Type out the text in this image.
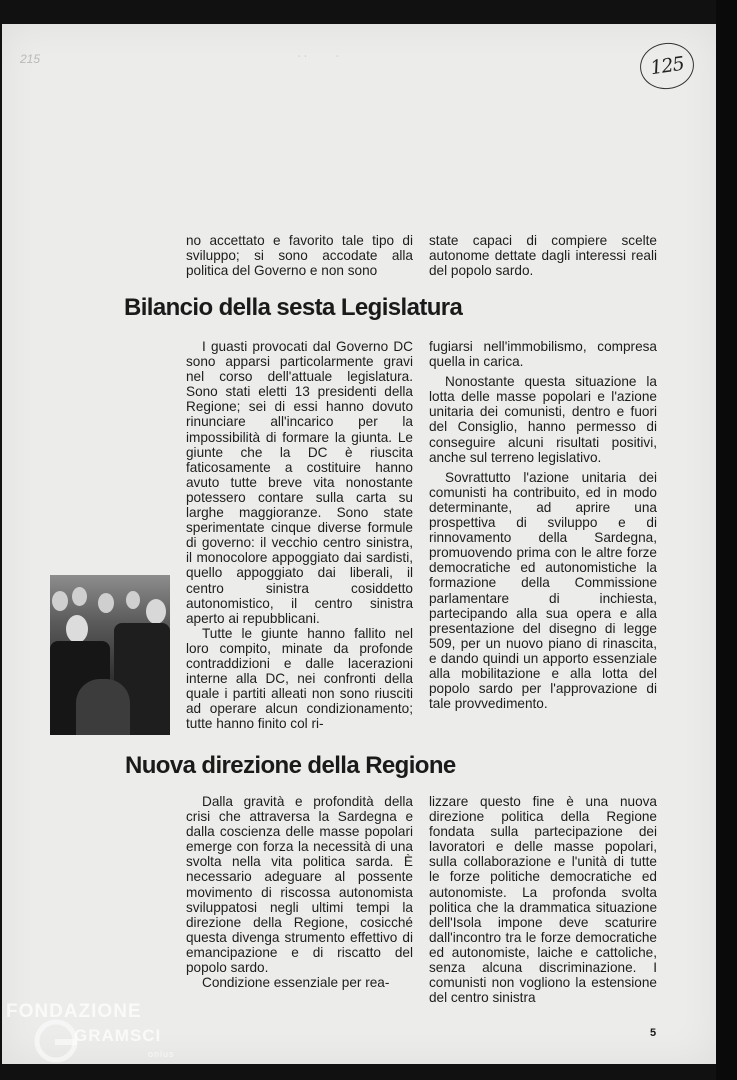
215	˙ ˙	˙	125

no accettato e favorito tale tipo di sviluppo; si sono accodate alla politica del Governo e non sono

state capaci di compiere scelte autonome dettate dagli interessi reali del popolo sardo.

Bilancio della sesta Legislatura

I guasti provocati dal Governo DC sono apparsi particolarmente gravi nel corso dell'attuale legislatura. Sono stati eletti 13 presidenti della Regione; sei di essi hanno dovuto rinunciare all'incarico per la impossibilità di formare la giunta. Le giunte che la DC è riuscita faticosamente a costituire hanno avuto tutte breve vita nonostante potessero contare sulla carta su larghe maggioranze. Sono state sperimentate cinque diverse formule di governo: il vecchio centro sinistra, il monocolore appoggiato dai sardisti, quello appoggiato dai liberali, il centro sinistra cosiddetto autonomistico, il centro sinistra aperto ai repubblicani.

Tutte le giunte hanno fallito nel loro compito, minate da profonde contraddizioni e dalle lacerazioni interne alla DC, nei confronti della quale i partiti alleati non sono riusciti ad operare alcun condizionamento; tutte hanno finito col ri-

fugiarsi nell'immobilismo, compresa quella in carica.

Nonostante questa situazione la lotta delle masse popolari e l'azione unitaria dei comunisti, dentro e fuori del Consiglio, hanno permesso di conseguire alcuni risultati positivi, anche sul terreno legislativo.

Sovrattutto l'azione unitaria dei comunisti ha contribuito, ed in modo determinante, ad aprire una prospettiva di sviluppo e di rinnovamento della Sardegna, promuovendo prima con le altre forze democratiche ed autonomistiche la formazione della Commissione parlamentare di inchiesta, partecipando alla sua opera e alla presentazione del disegno di legge 509, per un nuovo piano di rinascita, e dando quindi un apporto essenziale alla mobilitazione e alla lotta del popolo sardo per l'approvazione di tale provvedimento.

Nuova direzione della Regione

Dalla gravità e profondità della crisi che attraversa la Sardegna e dalla coscienza delle masse popolari emerge con forza la necessità di una svolta nella vita politica sarda. È necessario adeguare al possente movimento di riscossa autonomista sviluppatosi negli ultimi tempi la direzione della Regione, cosicché questa divenga strumento effettivo di emancipazione e di riscatto del popolo sardo.

Condizione essenziale per rea-

lizzare questo fine è una nuova direzione politica della Regione fondata sulla partecipazione dei lavoratori e delle masse popolari, sulla collaborazione e l'unità di tutte le forze politiche democratiche ed autonomiste. La profonda svolta politica che la drammatica situazione dell'Isola impone deve scaturire dall'incontro tra le forze democratiche ed autonomiste, laiche e cattoliche, senza alcuna discriminazione. I comunisti non vogliono la estensione del centro sinistra

5
FONDAZIONE
GRAMSCI
onlus
